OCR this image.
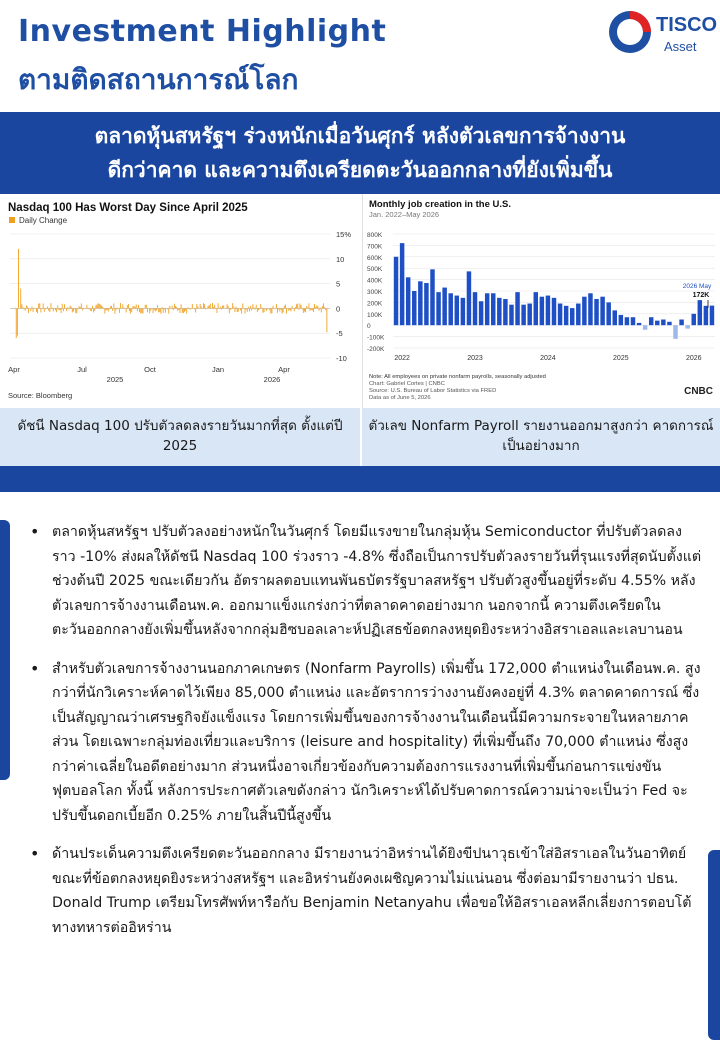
Investment Highlight
ตามติดสถานการณ์โลก
TISCO
Asset
ตลาดหุ้นสหรัฐฯ ร่วงหนักเมื่อวันศุกร์ หลังตัวเลขการจ้างงาน
ดีกว่าคาด และความตึงเครียดตะวันออกกลางที่ยังเพิ่มขึ้น
Nasdaq 100 Has Worst Day Since April 2025
Daily Change
15%
10
5
0
-5
-10
Apr	Jul	Oct	Jan	Apr
2025	2026
Source: Bloomberg
Monthly job creation in the U.S.
Jan. 2022–May 2026
800K
700K
600K
500K
400K
300K
200K
100K
0
-100K
-200K
2022	2023	2024	2025	2026
2026 May
172K
Note: All employees on private nonfarm payrolls, seasonally adjusted
Chart: Gabriel Cortes | CNBC
Source: U.S. Bureau of Labor Statistics via FRED
Data as of June 5, 2026
CNBC
ดัชนี Nasdaq 100 ปรับตัวลดลงรายวันมากที่สุด ตั้งแต่ปี 2025
ตัวเลข Nonfarm Payroll รายงานออกมาสูงกว่า คาดการณ์เป็นอย่างมาก
• ตลาดหุ้นสหรัฐฯ ปรับตัวลงอย่างหนักในวันศุกร์ โดยมีแรงขายในกลุ่มหุ้น Semiconductor ที่ปรับตัวลดลงราว -10% ส่งผลให้ดัชนี Nasdaq 100 ร่วงราว -4.8% ซึ่งถือเป็นการปรับตัวลงรายวันที่รุนแรงที่สุดนับตั้งแต่ช่วงต้นปี 2025 ขณะเดียวกัน อัตราผลตอบแทนพันธบัตรรัฐบาลสหรัฐฯ ปรับตัวสูงขึ้นอยู่ที่ระดับ 4.55% หลังตัวเลขการจ้างงานเดือนพ.ค. ออกมาแข็งแกร่งกว่าที่ตลาดคาดอย่างมาก นอกจากนี้ ความตึงเครียดในตะวันออกกลางยังเพิ่มขึ้นหลังจากกลุ่มฮิซบอลเลาะห์ปฏิเสธข้อตกลงหยุดยิงระหว่างอิสราเอลและเลบานอน
• สำหรับตัวเลขการจ้างงานนอกภาคเกษตร (Nonfarm Payrolls) เพิ่มขึ้น 172,000 ตำแหน่งในเดือนพ.ค. สูงกว่าที่นักวิเคราะห์คาดไว้เพียง 85,000 ตำแหน่ง และอัตราการว่างงานยังคงอยู่ที่ 4.3% ตลาดคาดการณ์ ซึ่งเป็นสัญญาณว่าเศรษฐกิจยังแข็งแรง โดยการเพิ่มขึ้นของการจ้างงานในเดือนนี้มีความกระจายในหลายภาคส่วน โดยเฉพาะกลุ่มท่องเที่ยวและบริการ (leisure and hospitality) ที่เพิ่มขึ้นถึง 70,000 ตำแหน่ง ซึ่งสูงกว่าค่าเฉลี่ยในอดีตอย่างมาก ส่วนหนึ่งอาจเกี่ยวข้องกับความต้องการแรงงานที่เพิ่มขึ้นก่อนการแข่งขันฟุตบอลโลก ทั้งนี้ หลังการประกาศตัวเลขดังกล่าว นักวิเคราะห์ได้ปรับคาดการณ์ความน่าจะเป็นว่า Fed จะปรับขึ้นดอกเบี้ยอีก 0.25% ภายในสิ้นปีนี้สูงขึ้น
• ด้านประเด็นความตึงเครียดตะวันออกกลาง มีรายงานว่าอิหร่านได้ยิงขีปนาวุธเข้าใส่อิสราเอลในวันอาทิตย์ ขณะที่ข้อตกลงหยุดยิงระหว่างสหรัฐฯ และอิหร่านยังคงเผชิญความไม่แน่นอน ซึ่งต่อมามีรายงานว่า ปธน. Donald Trump เตรียมโทรศัพท์หารือกับ Benjamin Netanyahu เพื่อขอให้อิสราเอลหลีกเลี่ยงการตอบโต้ทางทหารต่ออิหร่าน
